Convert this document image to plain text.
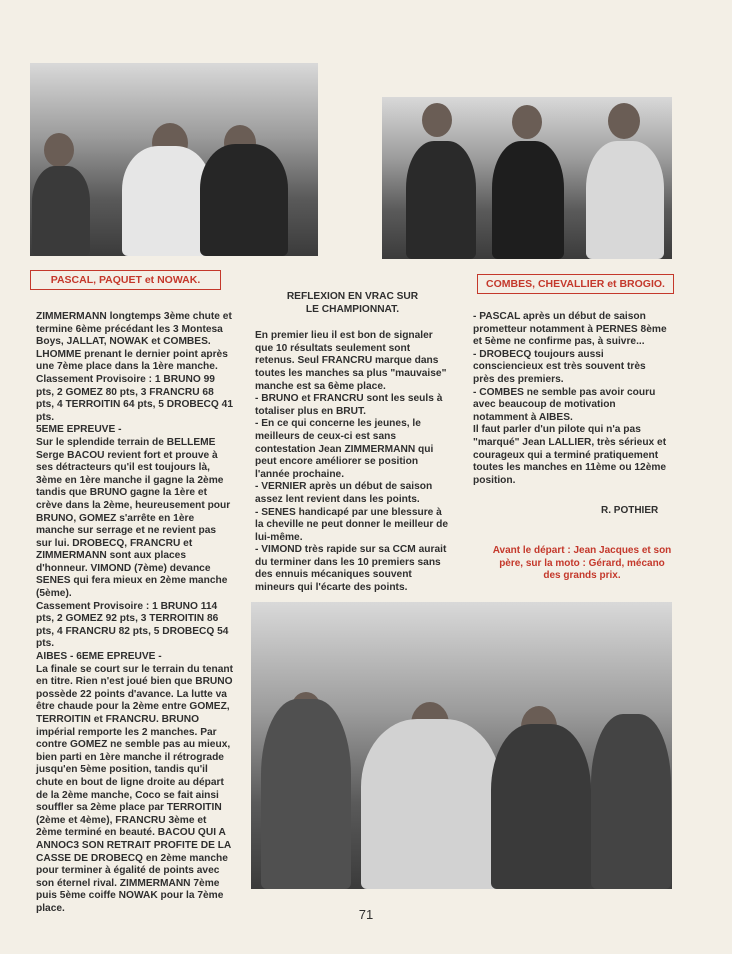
PASCAL, PAQUET et NOWAK.	COMBES, CHEVALLIER et BROGIO.

ZIMMERMANN longtemps 3ème chute et termine 6ème précédant les 3 Montesa Boys, JALLAT, NOWAK et COMBES. LHOMME prenant le dernier point après une 7ème place dans la 1ère manche.
Classement Provisoire : 1 BRUNO 99 pts, 2 GOMEZ 80 pts, 3 FRANCRU 68 pts, 4 TERROITIN 64 pts, 5 DROBECQ 41 pts.
5EME EPREUVE -
Sur le splendide terrain de BELLEME Serge BACOU revient fort et prouve à ses détracteurs qu'il est toujours là, 3ème en 1ère manche il gagne la 2ème tandis que BRUNO gagne la 1ère et crève dans la 2ème, heureusement pour BRUNO, GOMEZ s'arrête en 1ère manche sur serrage et ne revient pas sur lui. DROBECQ, FRANCRU et ZIMMERMANN sont aux places d'honneur. VIMOND (7ème) devance SENES qui fera mieux en 2ème manche (5ème).
Cassement Provisoire : 1 BRUNO 114 pts, 2 GOMEZ 92 pts, 3 TERROITIN 86 pts, 4 FRANCRU 82 pts, 5 DROBECQ 54 pts.
AIBES - 6EME EPREUVE -
La finale se court sur le terrain du tenant en titre. Rien n'est joué bien que BRUNO possède 22 points d'avance. La lutte va être chaude pour la 2ème entre GOMEZ, TERROITIN et FRANCRU. BRUNO impérial remporte les 2 manches. Par contre GOMEZ ne semble pas au mieux, bien parti en 1ère manche il rétrograde jusqu'en 5ème position, tandis qu'il chute en bout de ligne droite au départ de la 2ème manche, Coco se fait ainsi souffler sa 2ème place par TERROITIN (2ème et 4ème), FRANCRU 3ème et 2ème terminé en beauté. BACOU QUI A ANNOC3 SON RETRAIT PROFITE DE LA CASSE DE DROBECQ en 2ème manche pour terminer à égalité de points avec son éternel rival. ZIMMERMANN 7ème puis 5ème coiffe NOWAK pour la 7ème place.

REFLEXION EN VRAC SUR
LE CHAMPIONNAT.

En premier lieu il est bon de signaler que 10 résultats seulement sont retenus. Seul FRANCRU marque dans toutes les manches sa plus "mauvaise" manche est sa 6ème place.
- BRUNO et FRANCRU sont les seuls à totaliser plus en BRUT.
- En ce qui concerne les jeunes, le meilleurs de ceux-ci est sans contestation Jean ZIMMERMANN qui peut encore améliorer se position l'année prochaine.
- VERNIER après un début de saison assez lent revient dans les points.
- SENES handicapé par une blessure à la cheville ne peut donner le meilleur de lui-même.
- VIMOND très rapide sur sa CCM aurait du terminer dans les 10 premiers sans des ennuis mécaniques souvent mineurs qui l'écarte des points.

- PASCAL après un début de saison prometteur notamment à PERNES 8ème et 5ème ne confirme pas, à suivre...
- DROBECQ toujours aussi consciencieux est très souvent très près des premiers.
- COMBES ne semble pas avoir couru avec beaucoup de motivation notamment à AIBES.
Il faut parler d'un pilote qui n'a pas "marqué" Jean LALLIER, très sérieux et courageux qui a terminé pratiquement toutes les manches en 11ème ou 12ème position.

R. POTHIER
Avant le départ : Jean Jacques et son père, sur la moto : Gérard, mécano des grands prix.
71
